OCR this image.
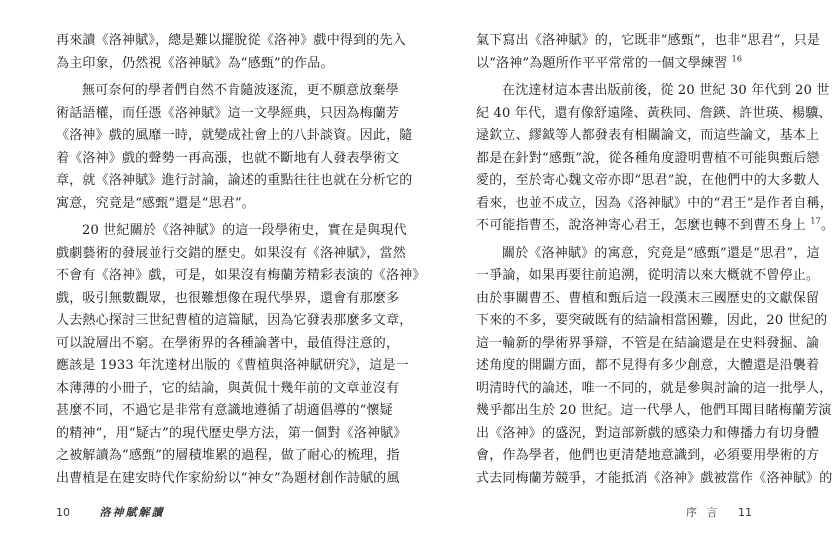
再來讀《洛神賦》，總是難以擺脫從《洛神》戲中得到的先入
為主印象，仍然視《洛神賦》為“感甄”的作品。

無可奈何的學者們自然不肯隨波逐流，更不願意放棄學
術話語權，而任憑《洛神賦》這一文學經典，只因為梅蘭芳
《洛神》戲的風靡一時，就變成社會上的八卦談資。因此，隨
着《洛神》戲的聲勢一再高漲，也就不斷地有人發表學術文
章，就《洛神賦》進行討論，論述的重點往往也就在分析它的
寓意，究竟是“感甄”還是“思君”。

20 世紀關於《洛神賦》的這一段學術史，實在是與現代
戲劇藝術的發展並行交錯的歷史。如果沒有《洛神賦》，當然
不會有《洛神》戲，可是，如果沒有梅蘭芳精彩表演的《洛神》
戲，吸引無數觀眾，也很難想像在現代學界，還會有那麼多
人去熱心探討三世紀曹植的這篇賦，因為它發表那麼多文章，
可以說層出不窮。在學術界的各種論著中，最值得注意的，
應該是 1933 年沈達材出版的《曹植與洛神賦研究》，這是一
本薄薄的小冊子，它的結論，與黃侃十幾年前的文章並沒有
甚麼不同，不過它是非常有意識地遵循了胡適倡導的“懷疑
的精神”，用“疑古”的現代歷史學方法，第一個對《洛神賦》
之被解讀為“感甄”的層積堆累的過程，做了耐心的梳理，指
出曹植是在建安時代作家紛紛以“神女”為題材創作詩賦的風

10	洛神賦解讀

氣下寫出《洛神賦》的，它既非“感甄”，也非“思君”，只是
以“洛神”為題所作平平常常的一個文學練習 $^{16}$

在沈達材這本書出版前後，從 20 世紀 30 年代到 20 世
紀 40 年代，還有像舒遠隆、黃秩同、詹鍈、許世瑛、楊驥、
逯欽立、繆鉞等人都發表有相關論文，而這些論文，基本上
都是在針對“感甄”說，從各種角度證明曹植不可能與甄后戀
愛的，至於寄心魏文帝亦即“思君”說，在他們中的大多數人
看來，也並不成立，因為《洛神賦》中的“君王”是作者自稱，
不可能指曹丕，說洛神寄心君王，怎麼也轉不到曹丕身上 $^{17}$。

關於《洛神賦》的寓意，究竟是“感甄”還是“思君”，這
一爭論，如果再要往前追溯，從明清以來大概就不曾停止。
由於事關曹丕、曹植和甄后這一段漢末三國歷史的文獻保留
下來的不多，要突破既有的結論相當困難，因此，20 世紀的
這一輪新的學術界爭辯，不管是在結論還是在史料發掘、論
述角度的開闢方面，都不見得有多少創意，大體還是沿襲着
明清時代的論述，唯一不同的，就是參與討論的這一批學人，
幾乎都出生於 20 世紀。這一代學人，他們耳聞目睹梅蘭芳演
出《洛神》的盛況，對這部新戲的感染力和傳播力有切身體
會，作為學者，他們也更清楚地意識到，必須要用學術的方
式去同梅蘭芳競爭，才能抵消《洛神》戲被當作《洛神賦》的

序 言 11
